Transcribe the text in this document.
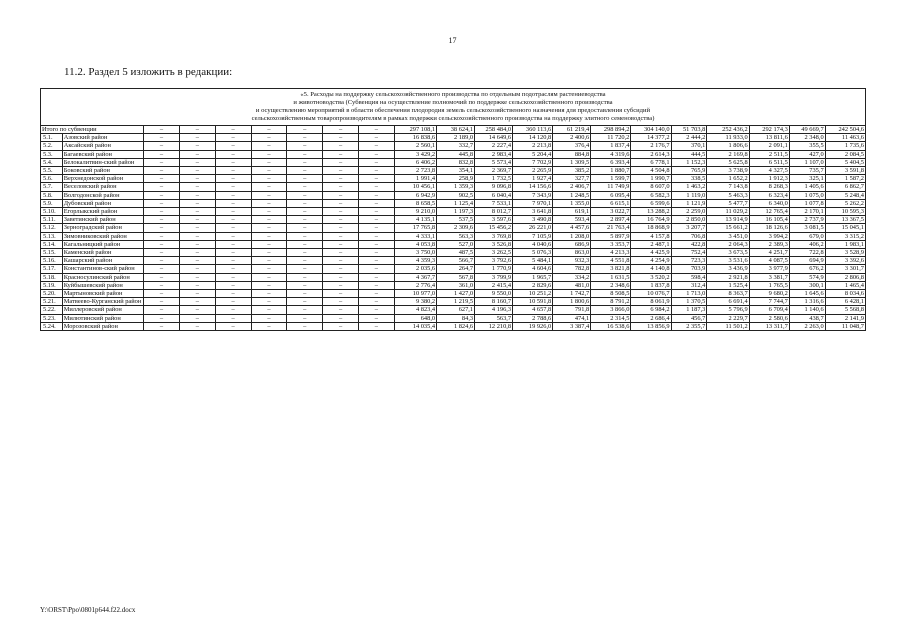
17
11.2. Раздел 5 изложить в редакции:
«5. Расходы на поддержку сельскохозяйственного производства по отдельным подотраслям растениеводства
и животноводства (Субвенция на осуществление полномочий по поддержке сельскохозяйственного производства
и осуществлению мероприятий в области обеспечения плодородия земель сельскохозяйственного назначения для предоставления субсидий
сельскохозяйственным товаропроизводителям в рамках подержки сельскохозяйственного производства на поддержку элитного семеноводства)																				

Итого по субвенции		–	–	–	–	–	–	–	297 108,1	38 624,1	258 484,0	360 113,6	61 219,4	298 894,2	304 140,0	51 703,8	252 436,2	292 174,3	49 669,7	242 504,6
5.1.	Азовский район	–	–	–	–	–	–	–	16 838,6	2 189,0	14 649,6	14 120,8	2 400,6	11 720,2	14 377,2	2 444,2	11 933,0	13 811,6	2 348,0	11 463,6
5.2.	Аксайский район	–	–	–	–	–	–	–	2 560,1	332,7	2 227,4	2 213,8	376,4	1 837,4	2 176,7	370,1	1 806,6	2 091,1	355,5	1 735,6
5.3.	Багаевский район	–	–	–	–	–	–	–	3 429,2	445,8	2 983,4	5 204,4	884,8	4 319,6	2 614,3	444,5	2 169,8	2 511,5	427,0	2 084,5
5.4.	Белокалитвин-ский район	–	–	–	–	–	–	–	6 406,2	832,8	5 573,4	7 702,9	1 309,5	6 393,4	6 778,1	1 152,3	5 625,8	6 511,5	1 107,0	5 404,5
5.5.	Боковский район	–	–	–	–	–	–	–	2 723,8	354,1	2 369,7	2 265,9	385,2	1 880,7	4 504,8	765,9	3 738,9	4 327,5	735,7	3 591,8
5.6.	Верхнедонской район	–	–	–	–	–	–	–	1 991,4	258,9	1 732,5	1 927,4	327,7	1 599,7	1 990,7	338,5	1 652,2	1 912,3	325,1	1 587,2
5.7.	Веселовский район	–	–	–	–	–	–	–	10 456,1	1 359,3	9 096,8	14 156,6	2 406,7	11 749,9	8 607,0	1 463,2	7 143,8	8 268,3	1 405,6	6 862,7
5.8.	Волгодонской район	–	–	–	–	–	–	–	6 942,9	902,5	6 040,4	7 343,9	1 248,5	6 095,4	6 582,3	1 119,0	5 463,3	6 323,4	1 075,0	5 248,4
5.9.	Дубовский район	–	–	–	–	–	–	–	8 658,5	1 125,4	7 533,1	7 970,1	1 355,0	6 615,1	6 599,6	1 121,9	5 477,7	6 340,0	1 077,8	5 262,2
5.10.	Егорлыкский район	–	–	–	–	–	–	–	9 210,0	1 197,3	8 012,7	3 641,8	619,1	3 022,7	13 288,2	2 259,0	11 029,2	12 765,4	2 170,1	10 595,3
5.11.	Заветинский район	–	–	–	–	–	–	–	4 135,1	537,5	3 597,6	3 490,8	593,4	2 897,4	16 764,9	2 850,0	13 914,9	16 105,4	2 737,9	13 367,5
5.12.	Зерноградский район	–	–	–	–	–	–	–	17 765,8	2 309,6	15 456,2	26 221,0	4 457,6	21 763,4	18 868,9	3 207,7	15 661,2	18 126,6	3 081,5	15 045,1
5.13.	Зимовниковский район	–	–	–	–	–	–	–	4 333,1	563,3	3 769,8	7 105,9	1 208,0	5 897,9	4 157,8	706,8	3 451,0	3 994,2	679,0	3 315,2
5.14.	Кагальницкий район	–	–	–	–	–	–	–	4 053,8	527,0	3 526,8	4 040,6	686,9	3 353,7	2 487,1	422,8	2 064,3	2 389,3	406,2	1 983,1
5.15.	Каменский район	–	–	–	–	–	–	–	3 750,0	487,5	3 262,5	5 076,3	863,0	4 213,3	4 425,9	752,4	3 673,5	4 251,7	722,8	3 528,9
5.16.	Кашарский район	–	–	–	–	–	–	–	4 359,3	566,7	3 792,6	5 484,1	932,3	4 551,8	4 254,9	723,3	3 531,6	4 087,5	694,9	3 392,6
5.17.	Константинов-ский район	–	–	–	–	–	–	–	2 035,6	264,7	1 770,9	4 604,6	782,8	3 821,8	4 140,8	703,9	3 436,9	3 977,9	676,2	3 301,7
5.18.	Красносулинский район	–	–	–	–	–	–	–	4 367,7	567,8	3 799,9	1 965,7	334,2	1 631,5	3 520,2	598,4	2 921,8	3 381,7	574,9	2 806,8
5.19.	Куйбышевский район	–	–	–	–	–	–	–	2 776,4	361,0	2 415,4	2 829,6	481,0	2 348,6	1 837,8	312,4	1 525,4	1 765,5	300,1	1 465,4
5.20.	Мартыновский район	–	–	–	–	–	–	–	10 977,0	1 427,0	9 550,0	10 251,2	1 742,7	8 508,5	10 076,7	1 713,0	8 363,7	9 680,2	1 645,6	8 034,6
5.21.	Матвеево-Курганский район	–	–	–	–	–	–	–	9 380,2	1 219,5	8 160,7	10 591,8	1 800,6	8 791,2	8 061,9	1 370,5	6 691,4	7 744,7	1 316,6	6 428,1
5.22.	Миллеровский район	–	–	–	–	–	–	–	4 823,4	627,1	4 196,3	4 657,8	791,8	3 866,0	6 984,2	1 187,3	5 796,9	6 709,4	1 140,6	5 568,8
5.23.	Милютинский район	–	–	–	–	–	–	–	648,0	84,3	563,7	2 788,6	474,1	2 314,5	2 686,4	456,7	2 229,7	2 580,6	438,7	2 141,9
5.24.	Морозовский район	–	–	–	–	–	–	–	14 035,4	1 824,6	12 210,8	19 926,0	3 387,4	16 538,6	13 856,9	2 355,7	11 501,2	13 311,7	2 263,0	11 048,7
Y:\ORST\Ppo\0801p644.f22.docx
